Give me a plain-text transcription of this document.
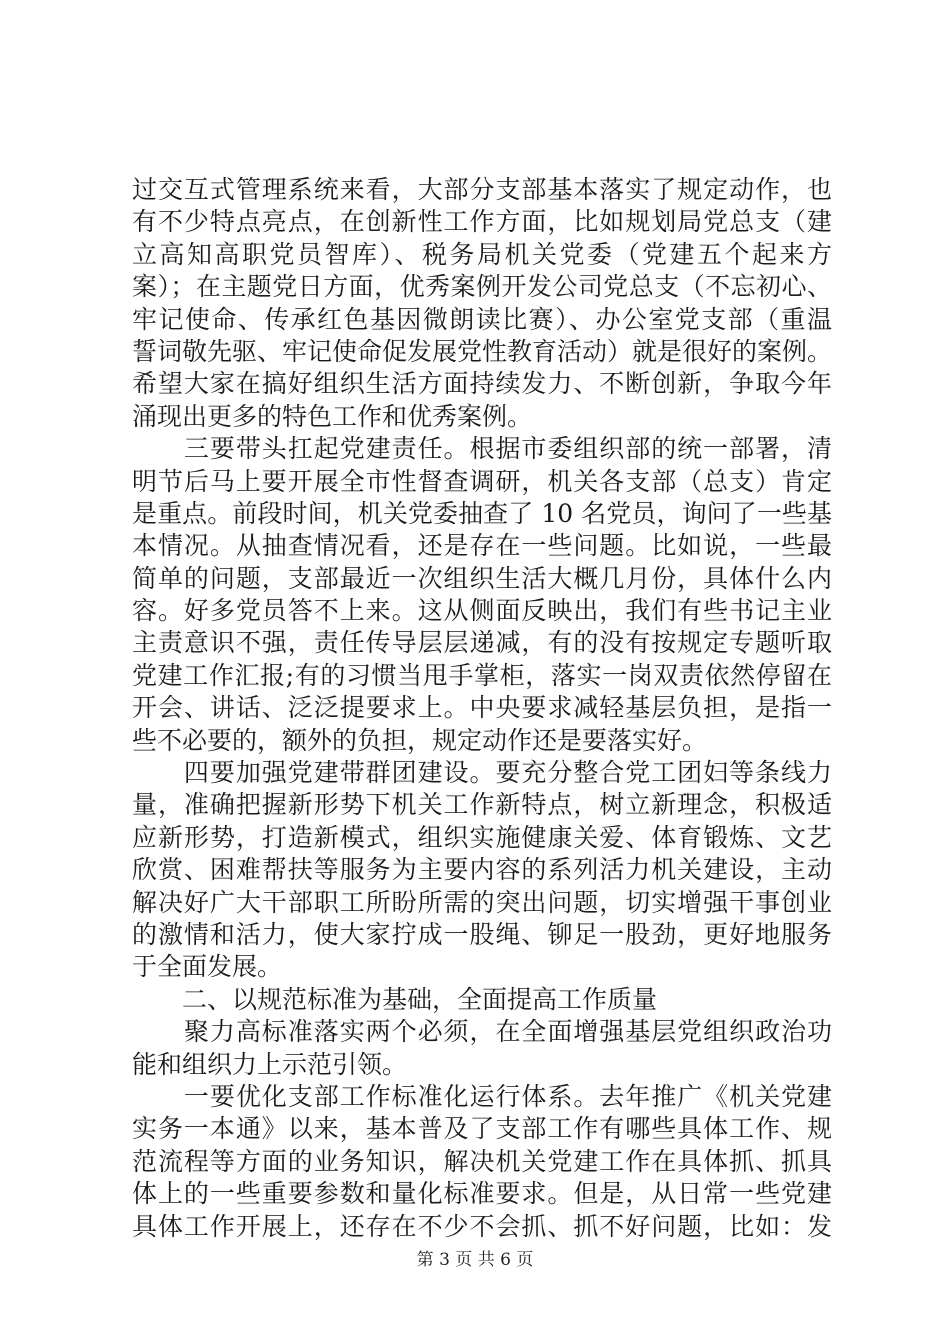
过交互式管理系统来看，大部分支部基本落实了规定动作，也
有不少特点亮点，在创新性工作方面，比如规划局党总支（建
立高知高职党员智库）、税务局机关党委（党建五个起来方
案）；在主题党日方面，优秀案例开发公司党总支（不忘初心、
牢记使命、传承红色基因微朗读比赛）、办公室党支部（重温
誓词敬先驱、牢记使命促发展党性教育活动）就是很好的案例。
希望大家在搞好组织生活方面持续发力、不断创新，争取今年
涌现出更多的特色工作和优秀案例。
　　三要带头扛起党建责任。根据市委组织部的统一部署，清
明节后马上要开展全市性督查调研，机关各支部（总支）肯定
是重点。前段时间，机关党委抽查了 10 名党员，询问了一些基
本情况。从抽查情况看，还是存在一些问题。比如说，一些最
简单的问题，支部最近一次组织生活大概几月份，具体什么内
容。好多党员答不上来。这从侧面反映出，我们有些书记主业
主责意识不强，责任传导层层递减，有的没有按规定专题听取
党建工作汇报;有的习惯当甩手掌柜，落实一岗双责依然停留在
开会、讲话、泛泛提要求上。中央要求减轻基层负担，是指一
些不必要的，额外的负担，规定动作还是要落实好。
　　四要加强党建带群团建设。要充分整合党工团妇等条线力
量，准确把握新形势下机关工作新特点，树立新理念，积极适
应新形势，打造新模式，组织实施健康关爱、体育锻炼、文艺
欣赏、困难帮扶等服务为主要内容的系列活力机关建设，主动
解决好广大干部职工所盼所需的突出问题，切实增强干事创业
的激情和活力，使大家拧成一股绳、铆足一股劲，更好地服务
于全面发展。
　　二、以规范标准为基础，全面提高工作质量
　　聚力高标准落实两个必须，在全面增强基层党组织政治功
能和组织力上示范引领。
　　一要优化支部工作标准化运行体系。去年推广《机关党建
实务一本通》以来，基本普及了支部工作有哪些具体工作、规
范流程等方面的业务知识，解决机关党建工作在具体抓、抓具
体上的一些重要参数和量化标准要求。但是，从日常一些党建
具体工作开展上，还存在不少不会抓、抓不好问题，比如：发
第 3 页 共 6 页
